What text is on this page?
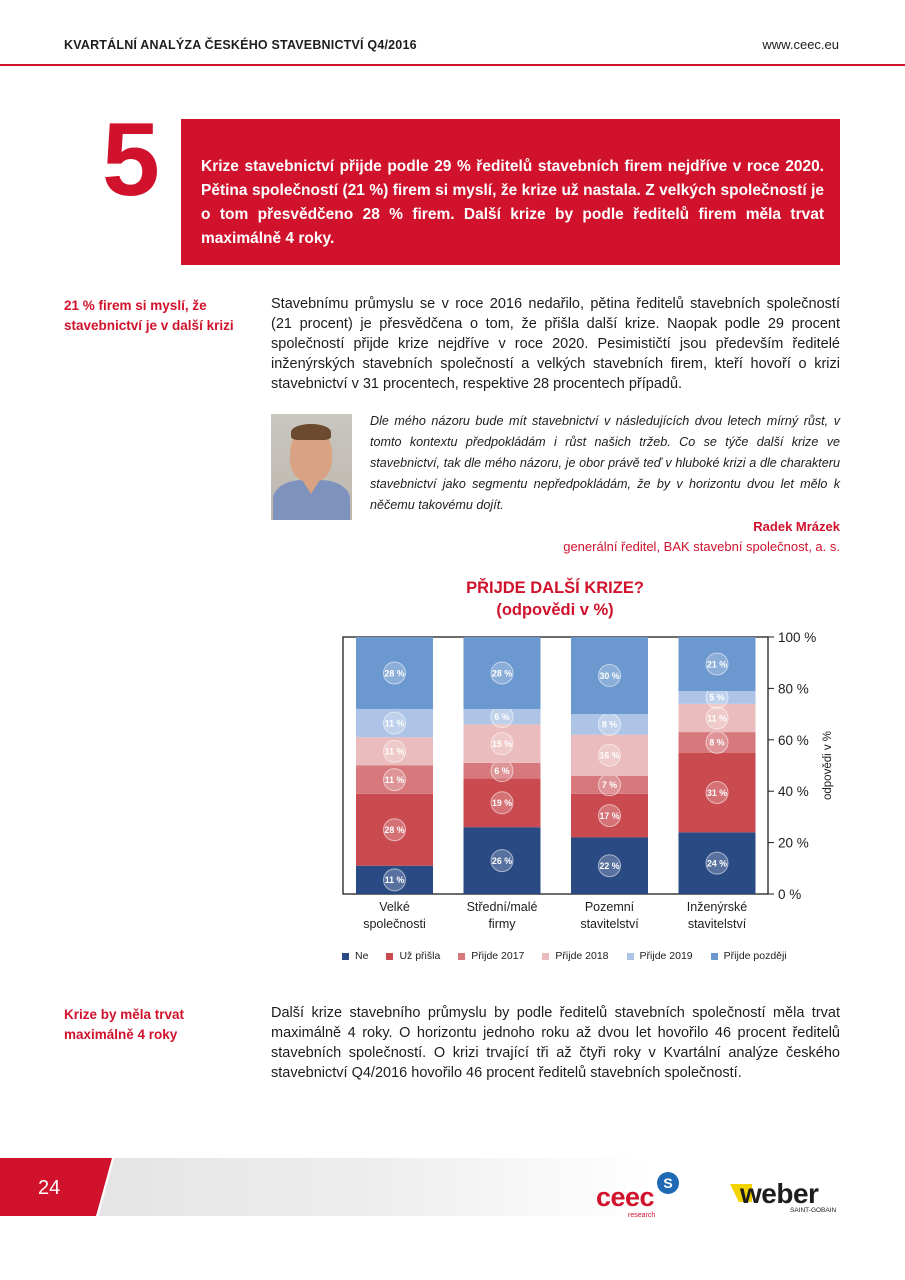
KVARTÁLNÍ ANALÝZA ČESKÉHO STAVEBNICTVÍ Q4/2016	www.ceec.eu
5	Krize stavebnictví přijde podle 29 % ředitelů stavebních firem nejdříve v roce 2020. Pětina společností (21 %) firem si myslí, že krize už nastala. Z velkých společností je o tom přesvědčeno 28 % firem. Další krize by podle ředitelů firem měla trvat maximálně 4 roky.

21 % firem si myslí, že stavebnictví je v další krizi

Stavebnímu průmyslu se v roce 2016 nedařilo, pětina ředitelů stavebních společností (21 procent) je přesvědčena o tom, že přišla další krize. Naopak podle 29 procent společností přijde krize nejdříve v roce 2020. Pesimističtí jsou především ředitelé inženýrských stavebních společností a velkých stavebních firem, kteří hovoří o krizi stavebnictví v 31 procentech, respektive 28 procentech případů.

Dle mého názoru bude mít stavebnictví v následujících dvou letech mírný růst, v tomto kontextu předpokládám i růst našich tržeb. Co se týče další krize ve stavebnictví, tak dle mého názoru, je obor právě teď v hluboké krizi a dle charakteru stavebnictví jako segmentu nepředpokládám, že by v horizontu dvou let mělo k něčemu takovému dojít.

Radek Mrázek
generální ředitel, BAK stavební společnost, a. s.
PŘIJDE DALŠÍ KRIZE?
(odpovědi v %)
11 %
28 %
11 %
11 %
11 %
28 %
Velké
společnosti
26 %
19 %
6 %
15 %
6 %
28 %
Střední/malé
firmy
22 %
17 %
7 %
16 %
8 %
30 %
Pozemní
stavitelství
24 %
31 %
8 %
11 %
5 %
21 %
Inženýrské
stavitelství
0 %
20 %
40 %
60 %
80 %
100 %
odpovědi v %
Ne	Už přišla	Přijde 2017	Přijde 2018	Přijde 2019	Přijde později
Krize by měla trvat maximálně 4 roky

Další krize stavebního průmyslu by podle ředitelů stavebních společností měla trvat maximálně 4 roky. O horizontu jednoho roku až dvou let hovořilo 46 procent ředitelů stavebních společností. O krizi trvající tři až čtyři roky v Kvartální analýze českého stavebnictví Q4/2016 hovořilo 46 procent ředitelů stavebních společností.

24	S
ceec
research
weber
SAINT-GOBAIN
